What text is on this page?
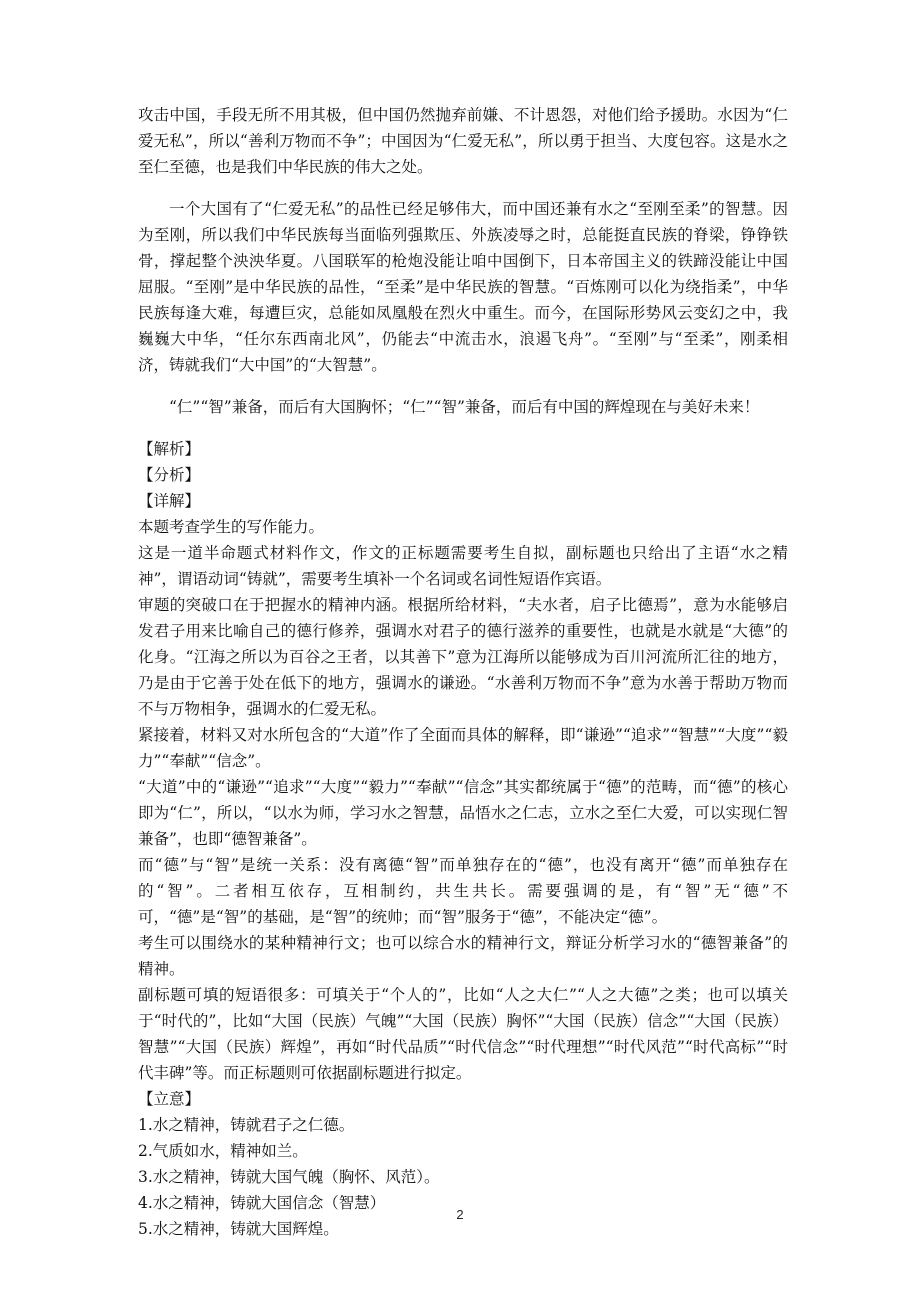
攻击中国，手段无所不用其极，但中国仍然抛弃前嫌、不计恩怨，对他们给予援助。水因为“仁爱无私”，所以“善利万物而不争”；中国因为“仁爱无私”，所以勇于担当、大度包容。这是水之至仁至德，也是我们中华民族的伟大之处。

一个大国有了“仁爱无私”的品性已经足够伟大，而中国还兼有水之“至刚至柔”的智慧。因为至刚，所以我们中华民族每当面临列强欺压、外族凌辱之时，总能挺直民族的脊梁，铮铮铁骨，撑起整个泱泱华夏。八国联军的枪炮没能让咱中国倒下，日本帝国主义的铁蹄没能让中国屈服。“至刚”是中华民族的品性，“至柔”是中华民族的智慧。“百炼刚可以化为绕指柔”，中华民族每逢大难，每遭巨灾，总能如凤凰般在烈火中重生。而今，在国际形势风云变幻之中，我巍巍大中华，“任尔东西南北风”，仍能去“中流击水，浪遏飞舟”。“至刚”与“至柔”，刚柔相济，铸就我们“大中国”的“大智慧”。

“仁”“智”兼备，而后有大国胸怀；“仁”“智”兼备，而后有中国的辉煌现在与美好未来！

【解析】

【分析】

【详解】

本题考查学生的写作能力。

这是一道半命题式材料作文，作文的正标题需要考生自拟，副标题也只给出了主语“水之精神”，谓语动词“铸就”，需要考生填补一个名词或名词性短语作宾语。

审题的突破口在于把握水的精神内涵。根据所给材料，“夫水者，启子比德焉”，意为水能够启发君子用来比喻自己的德行修养，强调水对君子的德行滋养的重要性，也就是水就是“大德”的化身。“江海之所以为百谷之王者，以其善下”意为江海所以能够成为百川河流所汇往的地方，乃是由于它善于处在低下的地方，强调水的谦逊。“水善利万物而不争”意为水善于帮助万物而不与万物相争，强调水的仁爱无私。

紧接着，材料又对水所包含的“大道”作了全面而具体的解释，即“谦逊”“追求”“智慧”“大度”“毅力”“奉献”“信念”。

“大道”中的“谦逊”“追求”“大度”“毅力”“奉献”“信念”其实都统属于“德”的范畴，而“德”的核心即为“仁”，所以，“以水为师，学习水之智慧，品悟水之仁志，立水之至仁大爱，可以实现仁智兼备”，也即“德智兼备”。

而“德”与“智”是统一关系：没有离德“智”而单独存在的“德”，也没有离开“德”而单独存在的“智”。二者相互依存，互相制约，共生共长。需要强调的是，有“智”无“德”不可，“德”是“智”的基础，是“智”的统帅；而“智”服务于“德”，不能决定“德”。

考生可以围绕水的某种精神行文；也可以综合水的精神行文，辩证分析学习水的“德智兼备”的精神。

副标题可填的短语很多：可填关于“个人的”，比如“人之大仁”“人之大德”之类；也可以填关于“时代的”，比如“大国（民族）气魄”“大国（民族）胸怀”“大国（民族）信念”“大国（民族）智慧”“大国（民族）辉煌”，再如“时代品质”“时代信念”“时代理想”“时代风范”“时代高标”“时代丰碑”等。而正标题则可依据副标题进行拟定。

【立意】

1.水之精神，铸就君子之仁德。

2.气质如水，精神如兰。

3.水之精神，铸就大国气魄（胸怀、风范）。

4.水之精神，铸就大国信念（智慧）

5.水之精神，铸就大国辉煌。

2
